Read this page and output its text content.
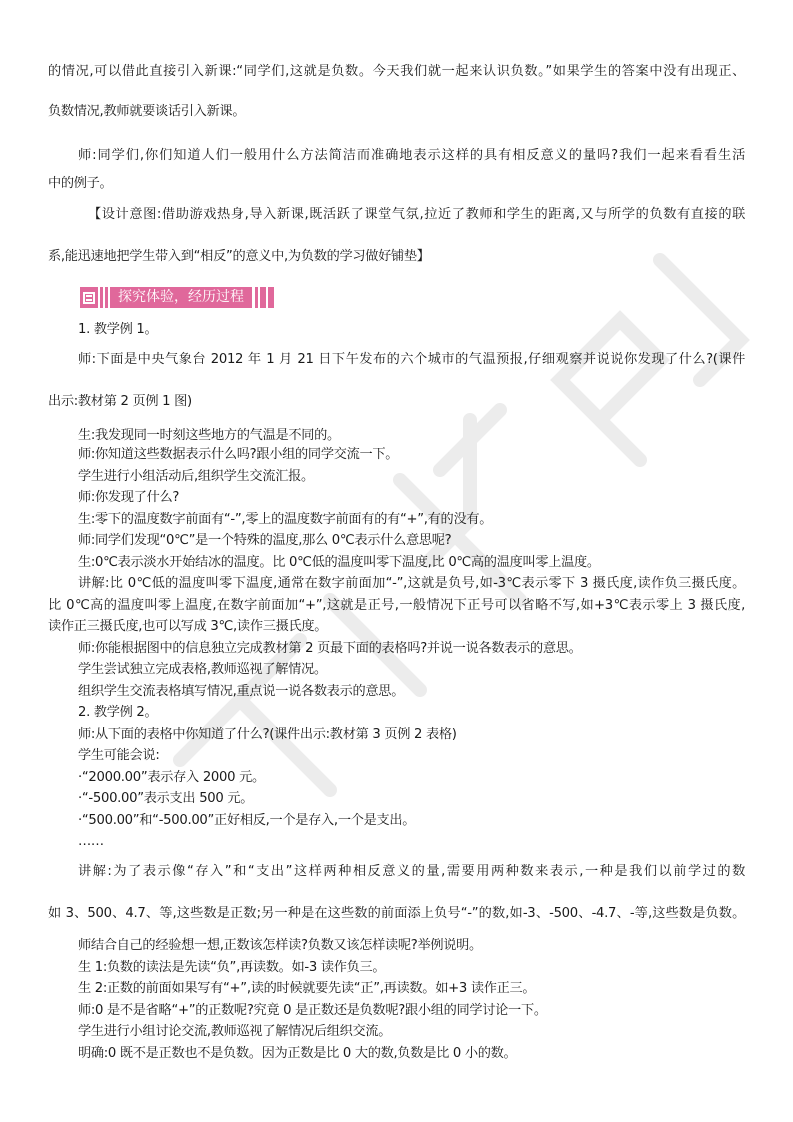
的情况,可以借此直接引入新课:“同学们,这就是负数。今天我们就一起来认识负数。”如果学生的答案中没有出现正、
负数情况,教师就要谈话引入新课。
师:同学们,你们知道人们一般用什么方法简洁而准确地表示这样的具有相反意义的量吗?我们一起来看看生活
中的例子。
【设计意图:借助游戏热身,导入新课,既活跃了课堂气氛,拉近了教师和学生的距离,又与所学的负数有直接的联
系,能迅速地把学生带入到“相反”的意义中,为负数的学习做好铺垫】
探究体验，经历过程
1. 教学例 1。
师:下面是中央气象台 2012 年 1 月 21 日下午发布的六个城市的气温预报,仔细观察并说说你发现了什么?(课件
出示:教材第 2 页例 1 图)
生:我发现同一时刻这些地方的气温是不同的。
师:你知道这些数据表示什么吗?跟小组的同学交流一下。
学生进行小组活动后,组织学生交流汇报。
师:你发现了什么?
生:零下的温度数字前面有“-”,零上的温度数字前面有的有“+”,有的没有。
师:同学们发现“0℃”是一个特殊的温度,那么 0℃表示什么意思呢?
生:0℃表示淡水开始结冰的温度。比 0℃低的温度叫零下温度,比 0℃高的温度叫零上温度。
讲解:比 0℃低的温度叫零下温度,通常在数字前面加“-”,这就是负号,如-3℃表示零下 3 摄氏度,读作负三摄氏度。
比 0℃高的温度叫零上温度,在数字前面加“+”,这就是正号,一般情况下正号可以省略不写,如+3℃表示零上 3 摄氏度,
读作正三摄氏度,也可以写成 3℃,读作三摄氏度。
师:你能根据图中的信息独立完成教材第 2 页最下面的表格吗?并说一说各数表示的意思。
学生尝试独立完成表格,教师巡视了解情况。
组织学生交流表格填写情况,重点说一说各数表示的意思。
2. 教学例 2。
师:从下面的表格中你知道了什么?(课件出示:教材第 3 页例 2 表格)
学生可能会说:
·“2000.00”表示存入 2000 元。
·“-500.00”表示支出 500 元。
·“500.00”和“-500.00”正好相反,一个是存入,一个是支出。
……
讲解:为了表示像“存入”和“支出”这样两种相反意义的量,需要用两种数来表示,一种是我们以前学过的数
如 3、500、4.7、等,这些数是正数;另一种是在这些数的前面添上负号“-”的数,如-3、-500、-4.7、-等,这些数是负数。
师结合自己的经验想一想,正数该怎样读?负数又该怎样读呢?举例说明。
生 1:负数的读法是先读“负”,再读数。如-3 读作负三。
生 2:正数的前面如果写有“+”,读的时候就要先读“正”,再读数。如+3 读作正三。
师:0 是不是省略“+”的正数呢?究竟 0 是正数还是负数呢?跟小组的同学讨论一下。
学生进行小组讨论交流,教师巡视了解情况后组织交流。
明确:0 既不是正数也不是负数。因为正数是比 0 大的数,负数是比 0 小的数。
